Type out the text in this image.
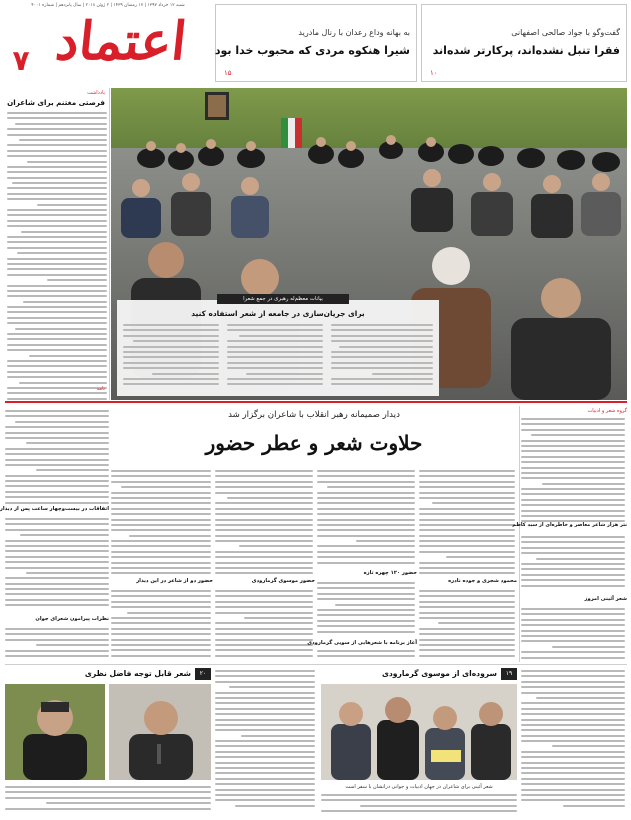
شنبه ۱۲ خرداد ۱۳۹۷ | ۱۷ رمضان ۱۴۳۹ | ۲ ژوئن ۲۰۱۸ | سال پانزدهم | شماره ۴۰۰۱
اعتماد
۷
گفت‌وگو با جواد صالحی اصفهانی
فقرا تنبل نشده‌اند، پرکارتر شده‌اند
۱۰
به بهانه وداع رعدان با رنال مادرید
شیرا هنکوه مردی که محبوب خدا بود
۱۵
یادداشت
فرصتی مغتنم برای شاعران
نامه
بیانات معظم‌له رهبری در جمع شعرا
برای جریان‌سازی در جامعه از شعر استفاده کنید
دیدار صمیمانه رهبر انقلاب با شاعران برگزار شد
حلاوت شعر و عطر حضور
اتفاقات در بیست‌وچهار ساعت پس از دیدار
نظرات پیرامون شعرای جوان
حضور دو از شاعر در این دیدار	حضور موسوی گرمارودی
حضور ۱۲۰ چهره تازه
آغاز برنامه با شعرهایی از سویی گرمارودی
محمود شجری و جوده نادره
گروه شعر و ادبیات
نثر هزار شاعر معاصر و خاطره‌ای از سید کاظم
شعر آئینی امروز
۱۹
سروده‌ای از موسوی گرمارودی
شعر آئینی برای شاعران در جهان ادبیات و جوانی درانشان با سفر است
۲۰
شعر قابل توجه فاضل نظری
